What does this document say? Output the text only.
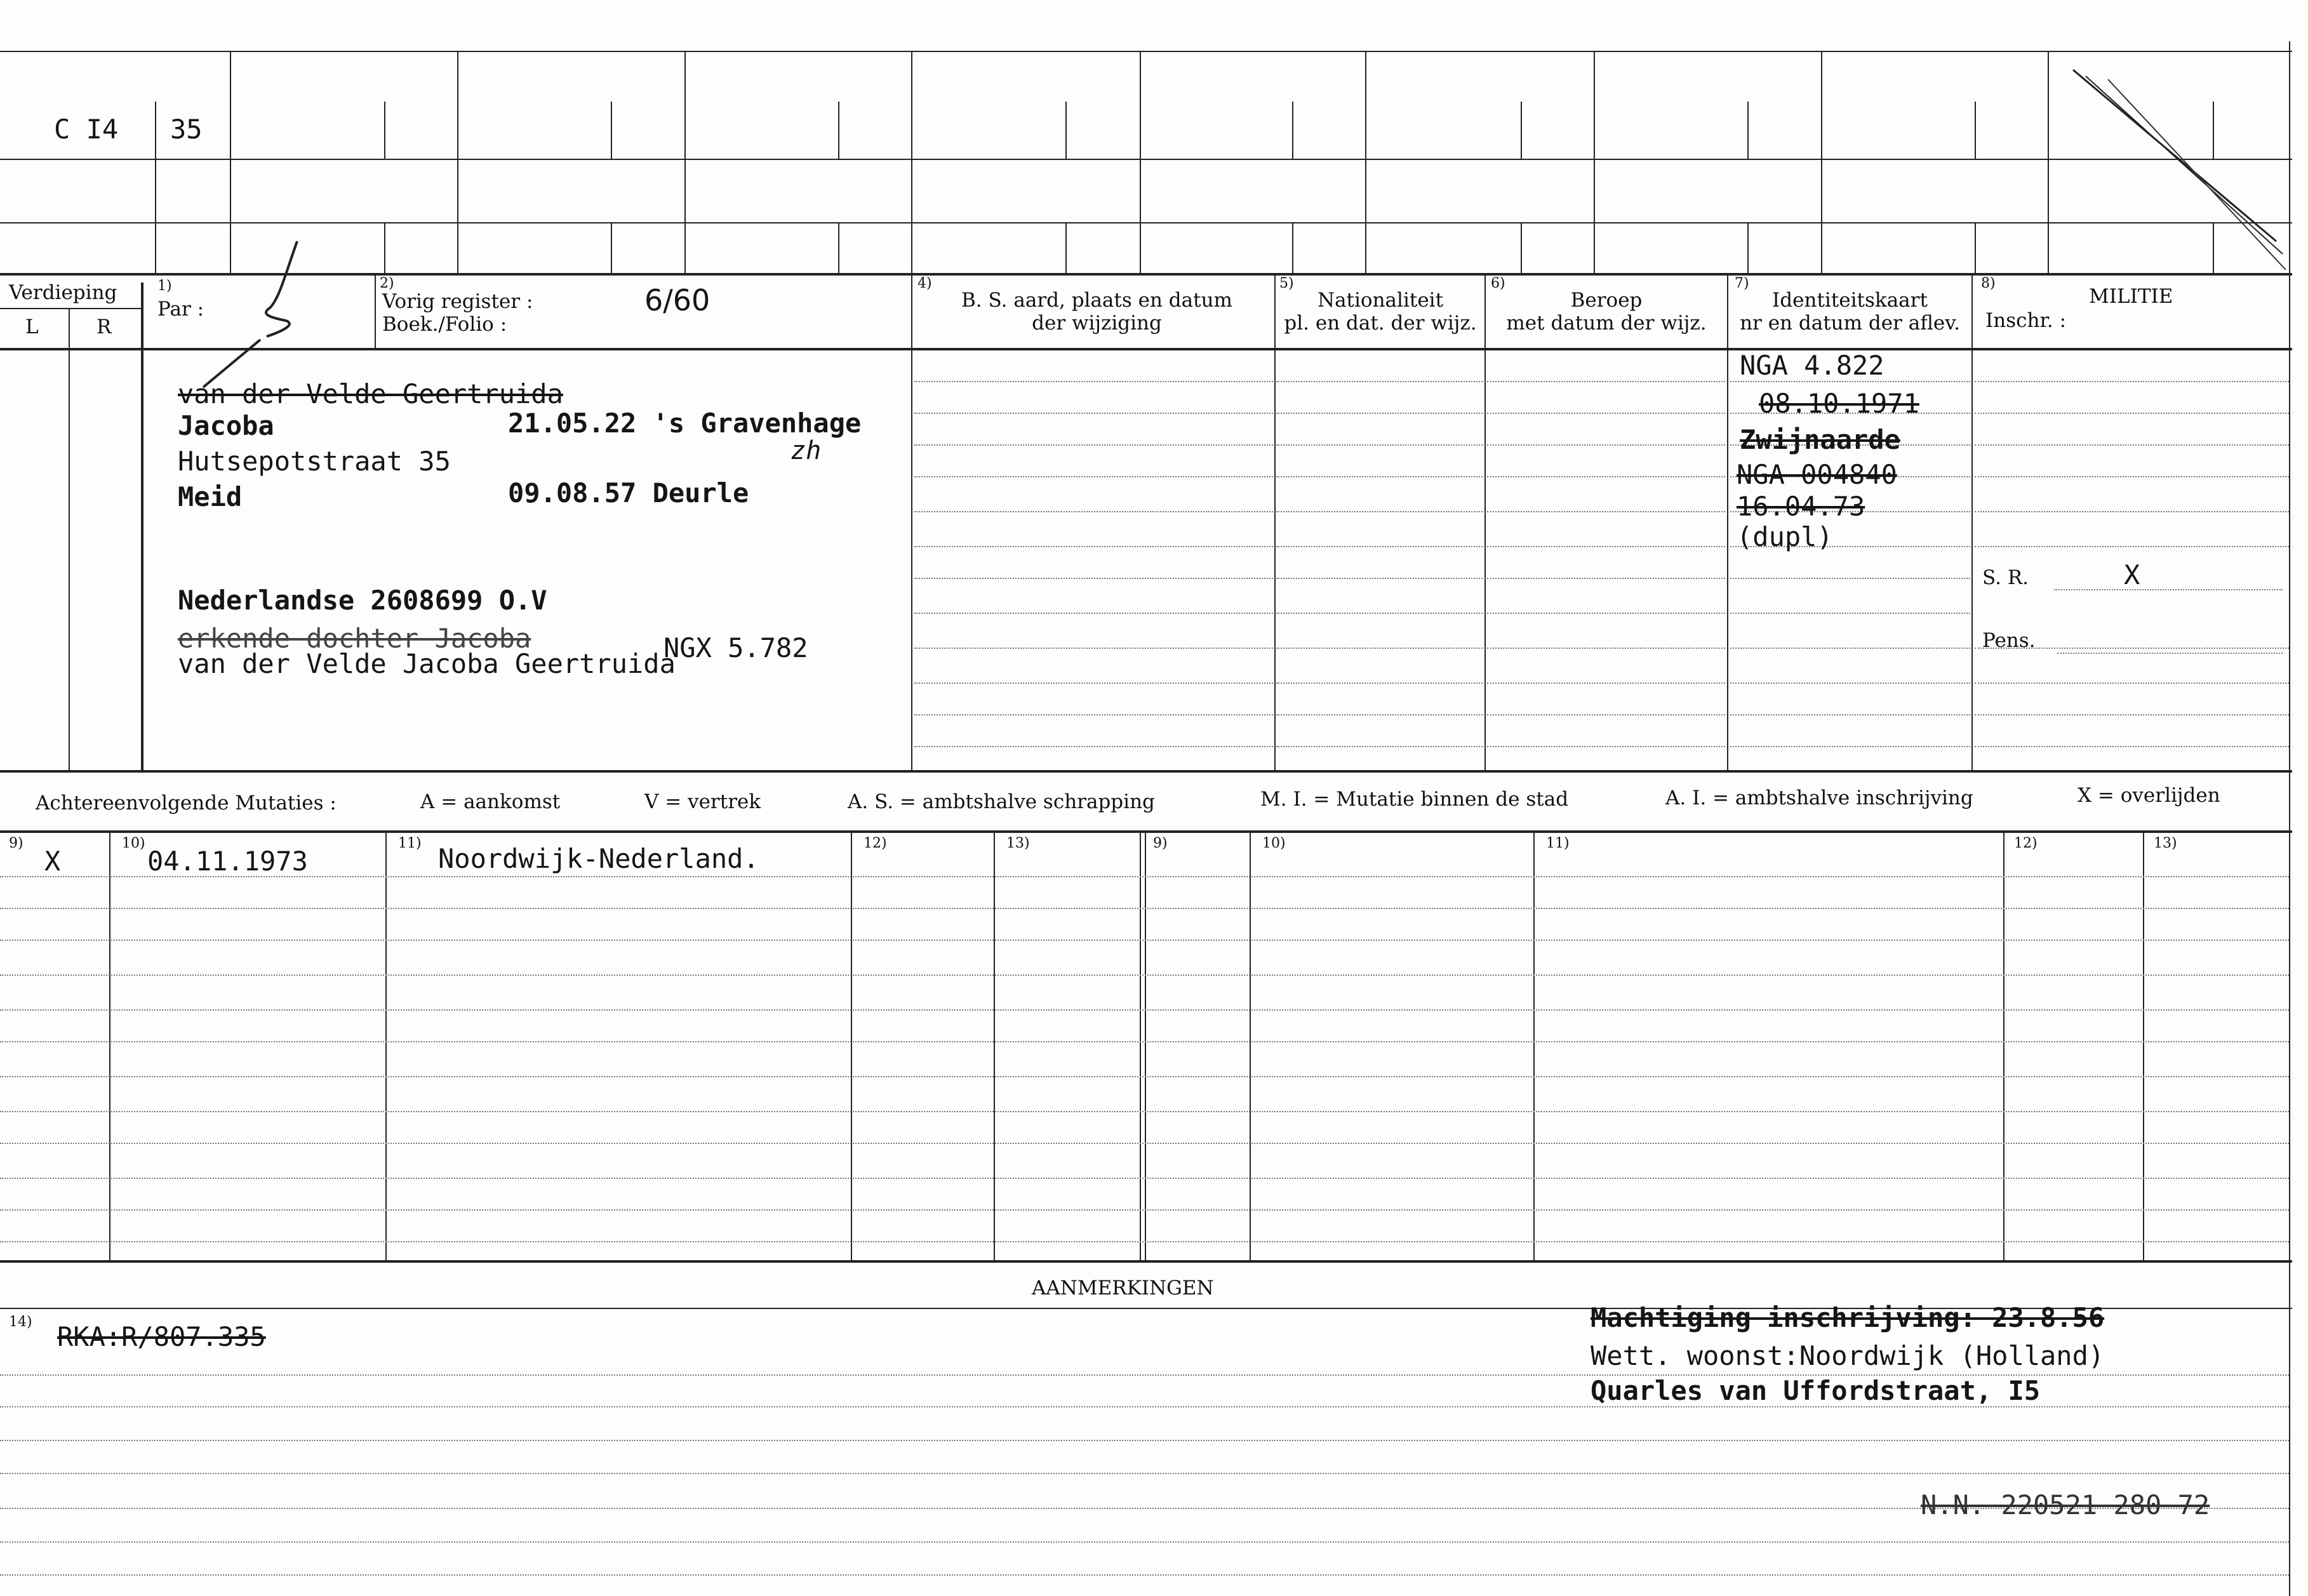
C I4 35
Verdieping
L	R
1)
Par :
2)
Vorig register :
Boek./Folio :
6/60	4)
B. S. aard, plaats en datum
der wijziging
5)
Nationaliteit
pl. en dat. der wijz.
6)
Beroep
met datum der wijz.
7)
Identiteitskaart
nr en datum der aflev.
8)
MILITIE
Inschr. :
van der Velde Geertruida
Jacoba	21.05.22 's Gravenhage
zh
Hutsepotstraat 35
Meid	09.08.57 Deurle
Nederlandse 2608699 O.V
erkende dochter Jacoba
van der Velde Jacoba Geertruida
NGX 5.782
NGA 4.822
08.10.1971
Zwijnaarde
NGA 004840
16.04.73
(dupl)
S. R.	X
Pens.
Achtereenvolgende Mutaties :	A = aankomst	V = vertrek	A. S. = ambtshalve schrapping	M. I. = Mutatie binnen de stad	A. I. = ambtshalve inschrijving	X = overlijden
9)	10)	11)	12)	13)	9)	10)	11)	12)	13)
X	04.11.1973	Noordwijk-Nederland.
AANMERKINGEN
14) RKA:R/807.335
Machtiging inschrijving: 23.8.56
Wett. woonst:Noordwijk (Holland)
Quarles van Uffordstraat, I5
N.N. 220521 280 72
